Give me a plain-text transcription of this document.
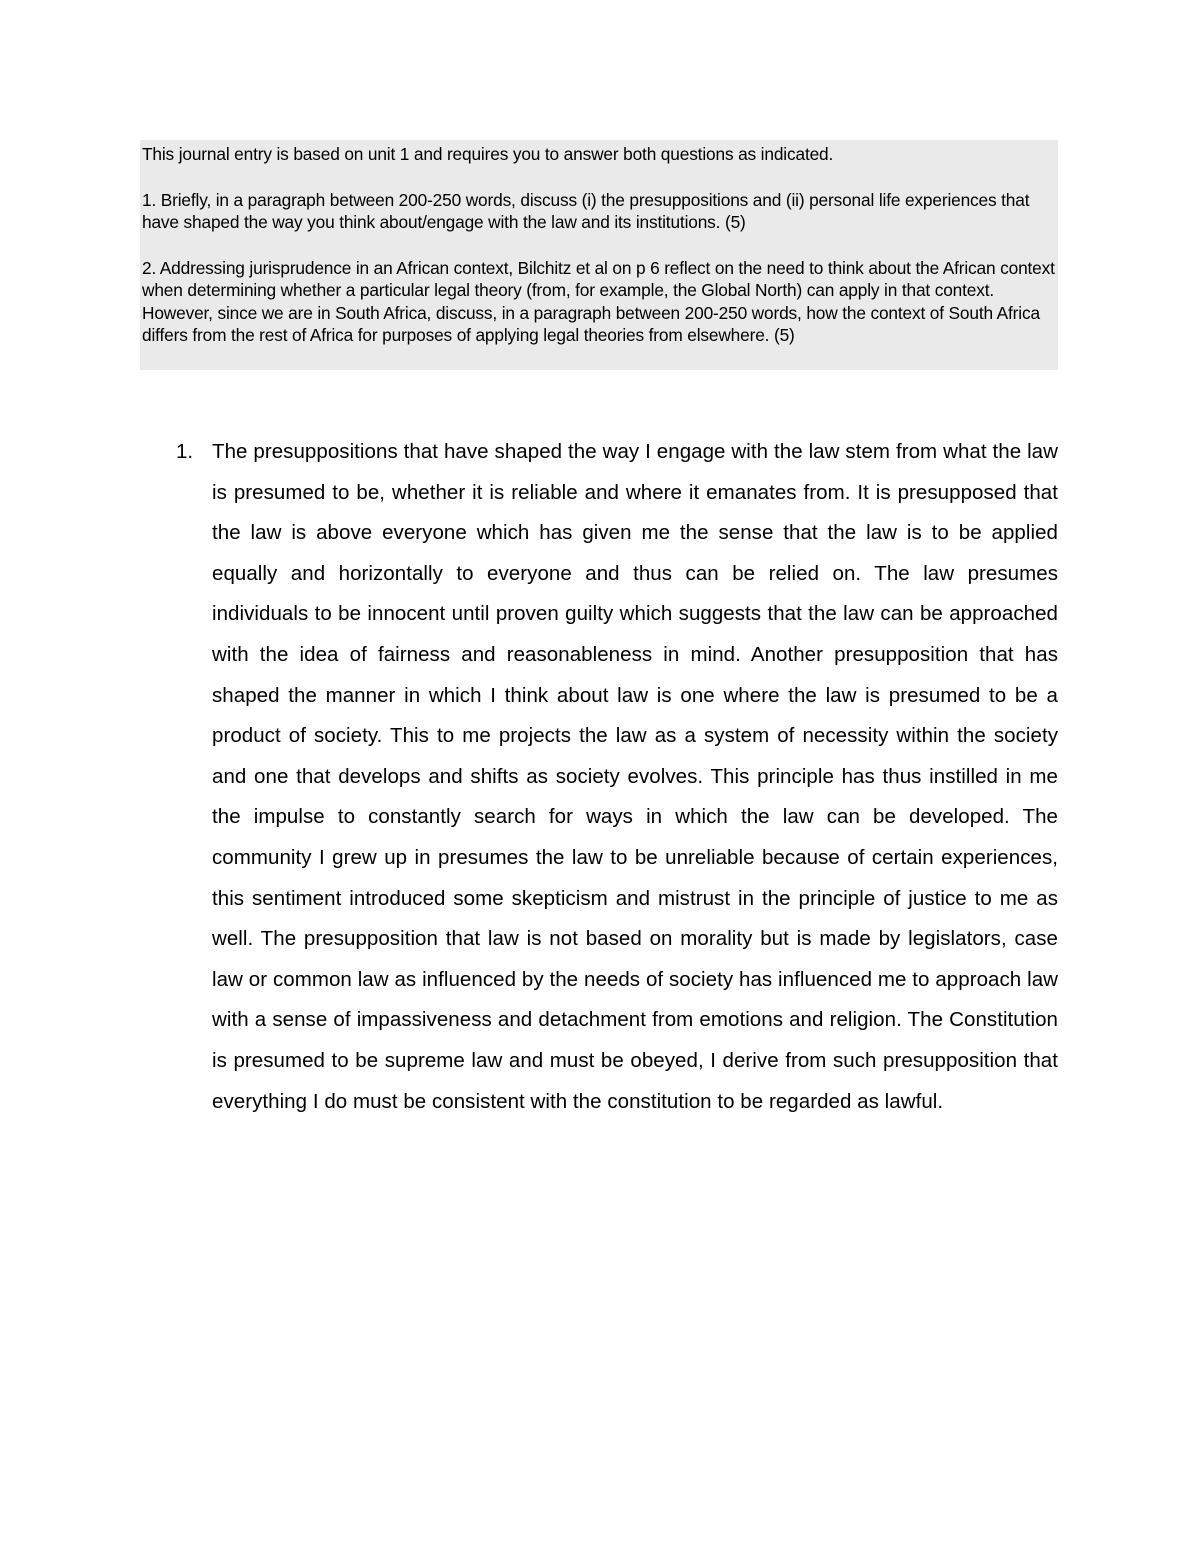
This journal entry is based on unit 1 and requires you to answer both questions as indicated.

1. Briefly, in a paragraph between 200-250 words, discuss (i) the presuppositions and (ii) personal life experiences that have shaped the way you think about/engage with the law and its institutions. (5)

2. Addressing jurisprudence in an African context, Bilchitz et al on p 6 reflect on the need to think about the African context when determining whether a particular legal theory (from, for example, the Global North) can apply in that context. However, since we are in South Africa, discuss, in a paragraph between 200-250 words, how the context of South Africa differs from the rest of Africa for purposes of applying legal theories from elsewhere. (5)

1. The presuppositions that have shaped the way I engage with the law stem from what the law is presumed to be, whether it is reliable and where it emanates from. It is presupposed that the law is above everyone which has given me the sense that the law is to be applied equally and horizontally to everyone and thus can be relied on. The law presumes individuals to be innocent until proven guilty which suggests that the law can be approached with the idea of fairness and reasonableness in mind. Another presupposition that has shaped the manner in which I think about law is one where the law is presumed to be a product of society. This to me projects the law as a system of necessity within the society and one that develops and shifts as society evolves. This principle has thus instilled in me the impulse to constantly search for ways in which the law can be developed. The community I grew up in presumes the law to be unreliable because of certain experiences, this sentiment introduced some skepticism and mistrust in the principle of justice to me as well. The presupposition that law is not based on morality but is made by legislators, case law or common law as influenced by the needs of society has influenced me to approach law with a sense of impassiveness and detachment from emotions and religion. The Constitution is presumed to be supreme law and must be obeyed, I derive from such presupposition that everything I do must be consistent with the constitution to be regarded as lawful.
